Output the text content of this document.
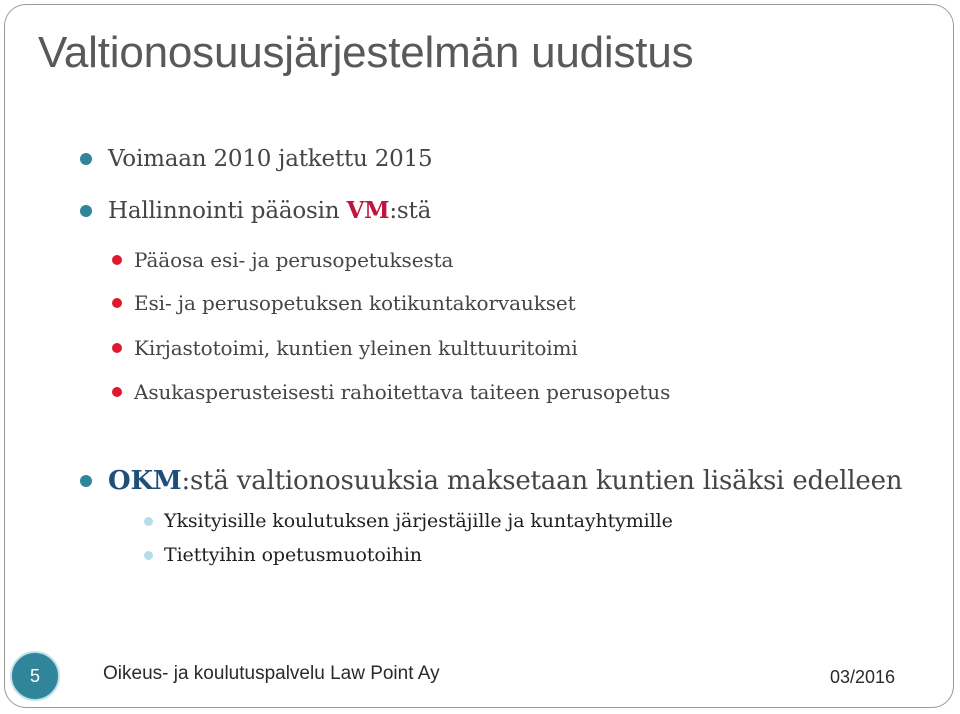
Valtionosuusjärjestelmän uudistus
Voimaan 2010 jatkettu 2015
Hallinnointi pääosin VM:stä
Pääosa esi- ja perusopetuksesta
Esi- ja perusopetuksen kotikuntakorvaukset
Kirjastotoimi, kuntien yleinen kulttuuritoimi
Asukasperusteisesti rahoitettava taiteen perusopetus
OKM:stä valtionosuuksia maksetaan kuntien lisäksi edelleen
Yksityisille koulutuksen järjestäjille ja kuntayhtymille
Tiettyihin opetusmuotoihin
5	Oikeus- ja koulutuspalvelu Law Point Ay	03/2016
